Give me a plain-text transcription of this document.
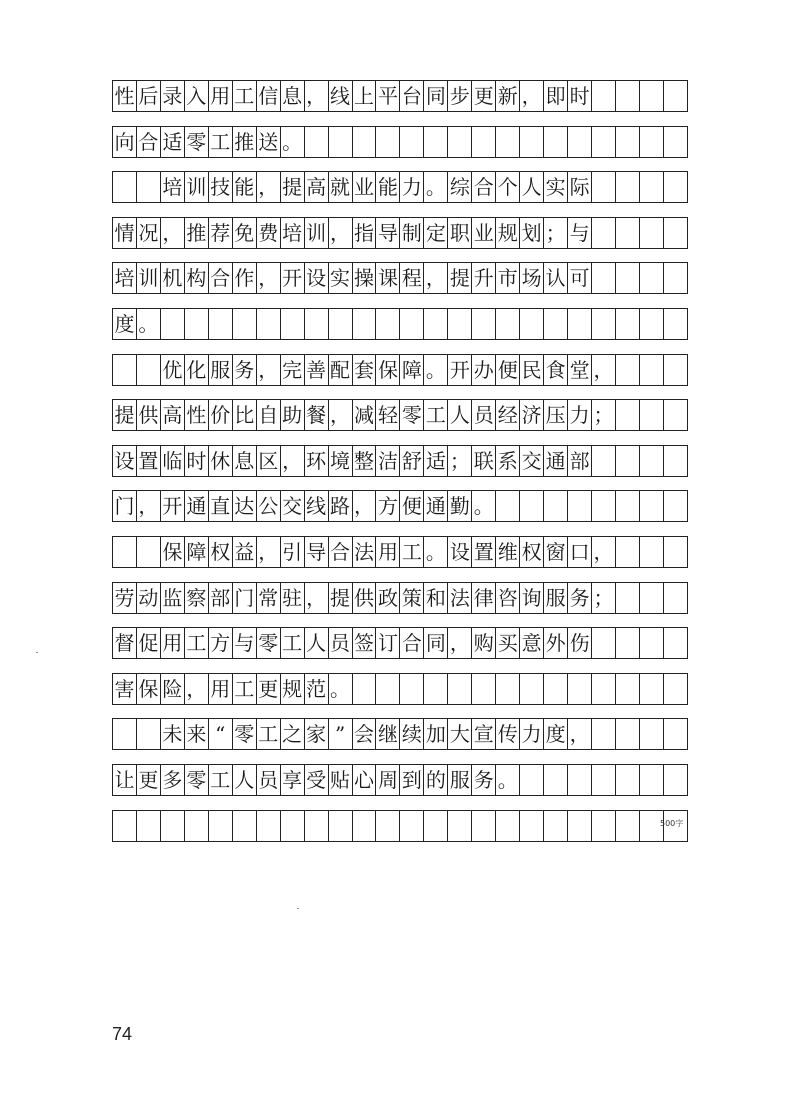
性 后 录 入 用 工 信 息 ， 线 上 平 台 同 步 更 新 ， 即 时
向 合 适 零 工 推 送 。
培 训 技 能 ， 提 高 就 业 能 力 。 综 合 个 人 实 际
情 况 ， 推 荐 免 费 培 训 ， 指 导 制 定 职 业 规 划 ； 与
培 训 机 构 合 作 ， 开 设 实 操 课 程 ， 提 升 市 场 认 可
度 。
优 化 服 务 ， 完 善 配 套 保 障 。 开 办 便 民 食 堂 ，
提 供 高 性 价 比 自 助 餐 ， 减 轻 零 工 人 员 经 济 压 力 ；
设 置 临 时 休 息 区 ， 环 境 整 洁 舒 适 ； 联 系 交 通 部
门 ， 开 通 直 达 公 交 线 路 ， 方 便 通 勤 。
保 障 权 益 ， 引 导 合 法 用 工 。 设 置 维 权 窗 口 ，
劳 动 监 察 部 门 常 驻 ， 提 供 政 策 和 法 律 咨 询 服 务 ；
督 促 用 工 方 与 零 工 人 员 签 订 合 同 ， 购 买 意 外 伤
害 保 险 ， 用 工 更 规 范 。
未 来 “ 零 工 之 家 ” 会 继 续 加 大 宣 传 力 度 ，
让 更 多 零 工 人 员 享 受 贴 心 周 到 的 服 务 。
500字
74
